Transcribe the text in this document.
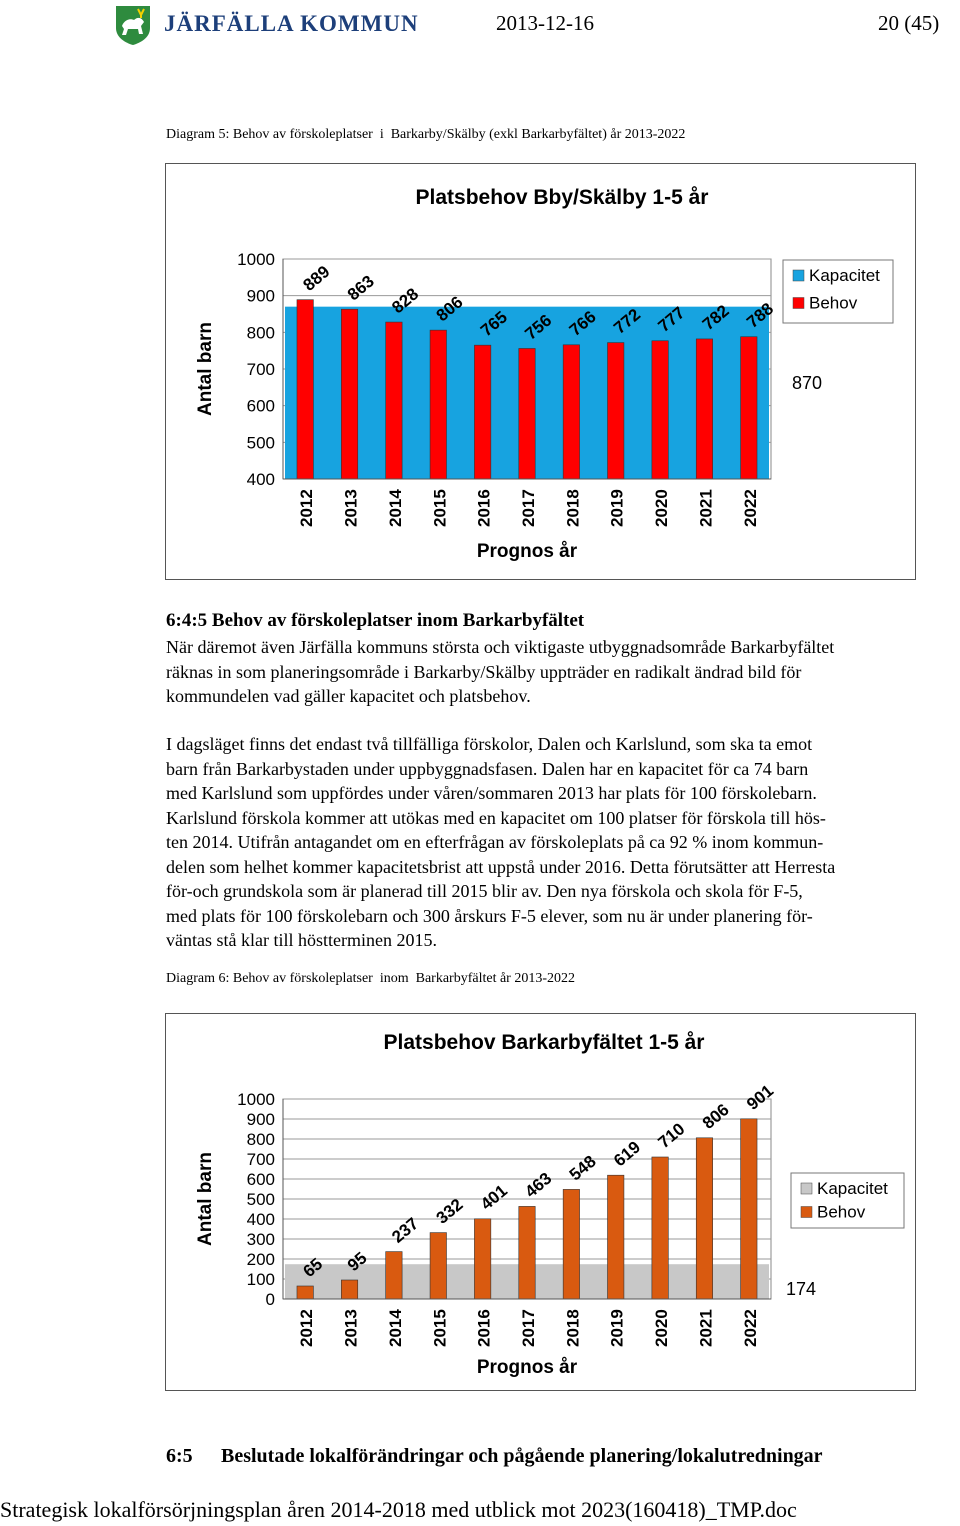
JÄRFÄLLA KOMMUN	2013-12-16	20 (45)
Diagram 5: Behov av förskoleplatser  i  Barkarby/Skälby (exkl Barkarbyfältet) år 2013-2022
Platsbehov Bby/Skälby 1-5 år
400
500
600
700
800
900
1000
889
2012
863
2013
828
2014
806
2015
765
2016
756
2017
766
2018
772
2019
777
2020
782
2021
788
2022
Antal barn
Prognos år
Kapacitet
Behov
870
6:4:5 Behov av förskoleplatser inom Barkarbyfältet
När däremot även Järfälla kommuns största och viktigaste utbyggnadsområde Barkarbyfältet
räknas in som planeringsområde i Barkarby/Skälby uppträder en radikalt ändrad bild för
kommundelen vad gäller kapacitet och platsbehov.
I dagsläget finns det endast två tillfälliga förskolor, Dalen och Karlslund, som ska ta emot
barn från Barkarbystaden under uppbyggnadsfasen. Dalen har en kapacitet för ca 74 barn
med Karlslund som uppfördes under våren/sommaren 2013 har plats för 100 förskolebarn.
Karlslund förskola kommer att utökas med en kapacitet om 100 platser för förskola till hös-
ten 2014. Utifrån antagandet om en efterfrågan av förskoleplats på ca 92 % inom kommun-
delen som helhet kommer kapacitetsbrist att uppstå under 2016. Detta förutsätter att Herresta
för-och grundskola som är planerad till 2015 blir av. Den nya förskola och skola för F-5,
med plats för 100 förskolebarn och 300 årskurs F-5 elever, som nu är under planering för-
väntas stå klar till höstterminen 2015.
Diagram 6: Behov av förskoleplatser  inom  Barkarbyfältet år 2013-2022
Platsbehov Barkarbyfältet 1-5 år
0
100
200
300
400
500
600
700
800
900
1000
65
2012
95
2013
237
2014
332
2015
401
2016
463
2017
548
2018
619
2019
710
2020
806
2021
901
2022
Antal barn
Prognos år
Kapacitet
Behov
174
6:5 Beslutade lokalförändringar och pågående planering/lokalutredningar
Strategisk lokalförsörjningsplan åren 2014-2018 med utblick mot 2023(160418)_TMP.doc
